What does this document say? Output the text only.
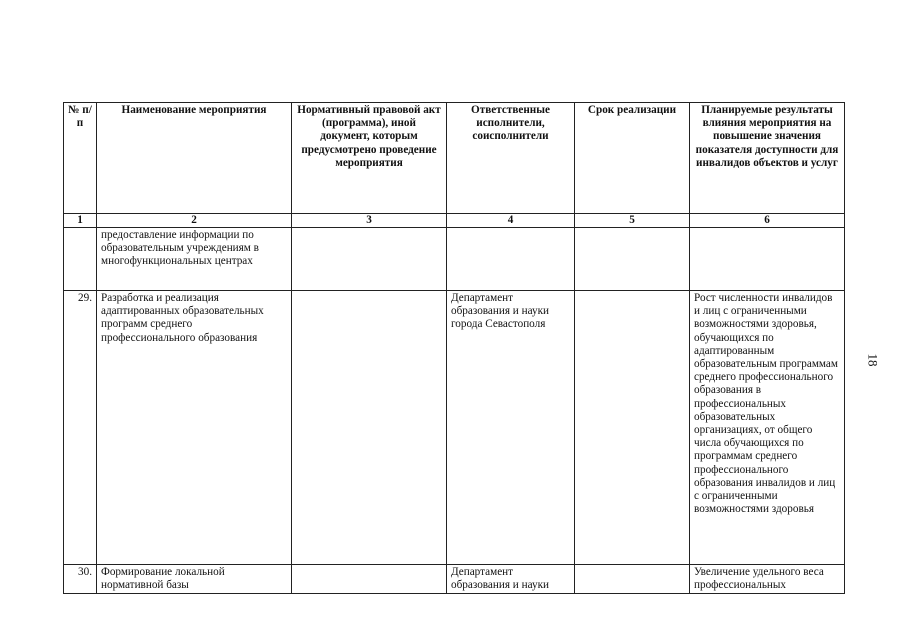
18
№ п/п	Наименование мероприятия	Нормативный правовой акт (программа), иной документ, которым предусмотрено проведение мероприятия	Ответственные исполнители, соисполнители	Срок реализации	Планируемые результаты влияния мероприятия на повышение значения показателя доступности для инвалидов объектов и услуг
1	2	3	4	5	6
	предоставление информации по образовательным учреждениям в многофункциональных центрах				
29.	Разработка и реализация адаптированных образовательных программ среднего профессионального образования		Департамент образования и науки города Севастополя		Рост численности инвалидов и лиц с ограниченными возможностями здоровья, обучающихся по адаптированным образовательным программам среднего профессионального образования в профессиональных образовательных организациях, от общего числа обучающихся по программам среднего профессионального образования инвалидов и лиц с ограниченными возможностями здоровья
30.	Формирование локальной нормативной базы		Департамент образования и науки		Увеличение удельного веса профессиональных
